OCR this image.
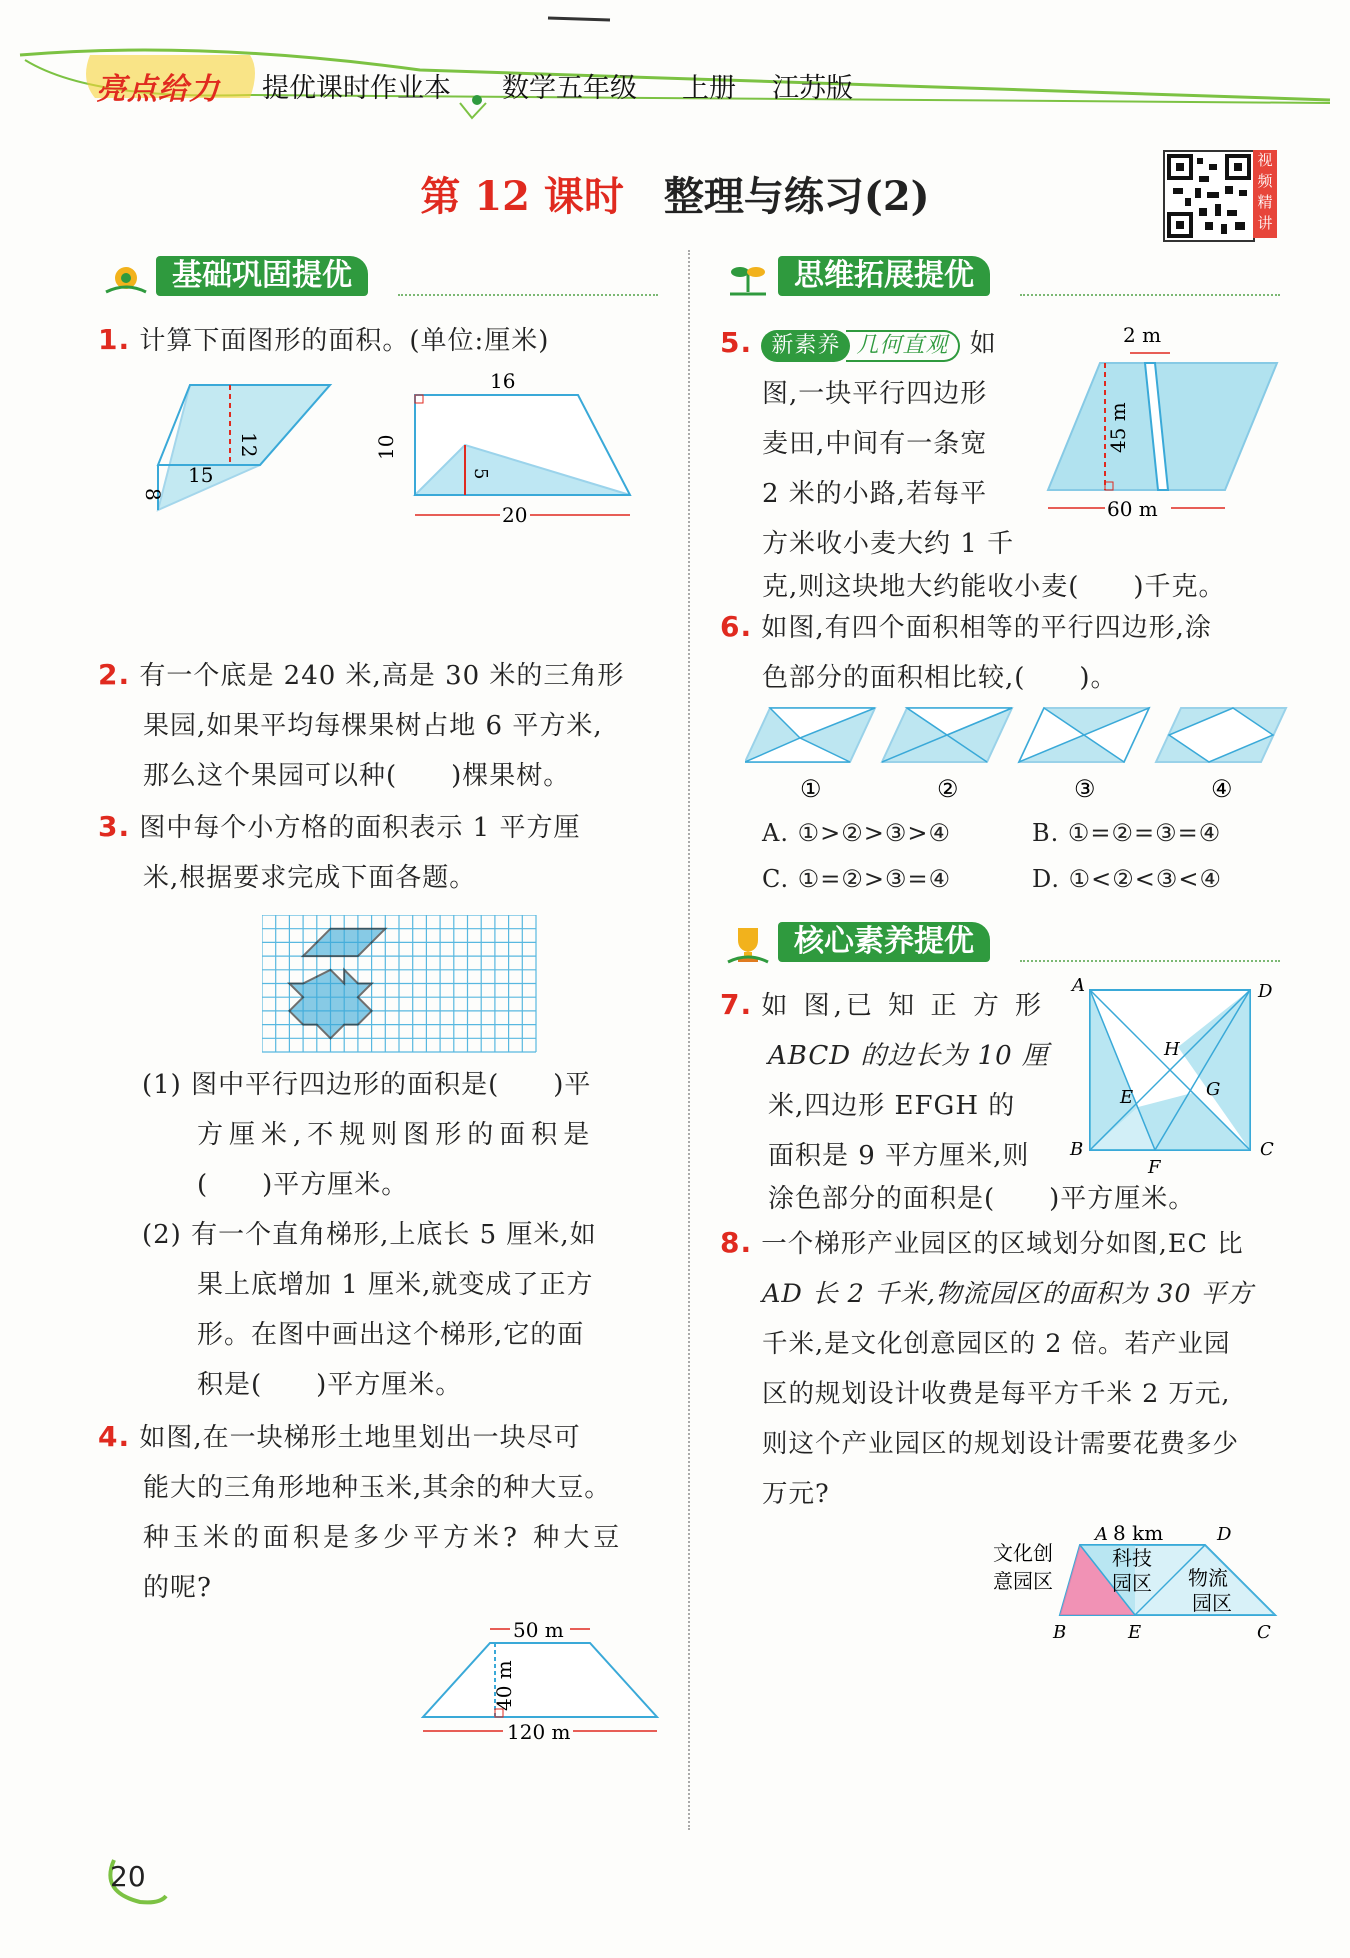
亮点给力 提优课时作业本 数学五年级 上册 江苏版
第 12 课时 整理与练习(2)
视频精讲
基础巩固提优	思维拓展提优
1. 计算下面图形的面积。(单位:厘米)
12
8
15
16
10
5
20
2. 有一个底是 240 米,高是 30 米的三角形
果园,如果平均每棵果树占地 6 平方米,
那么这个果园可以种(　　)棵果树。
3. 图中每个小方格的面积表示 1 平方厘
米,根据要求完成下面各题。
(1) 图中平行四边形的面积是(　　)平
方厘米,不规则图形的面积是
(　　)平方厘米。
(2) 有一个直角梯形,上底长 5 厘米,如
果上底增加 1 厘米,就变成了正方
形。在图中画出这个梯形,它的面
积是(　　)平方厘米。
4. 如图,在一块梯形土地里划出一块尽可
能大的三角形地种玉米,其余的种大豆。
种玉米的面积是多少平方米? 种大豆
的呢?
50 m
40 m
120 m
5. 新素养 几何直观 如
图,一块平行四边形
麦田,中间有一条宽
2 米的小路,若每平
方米收小麦大约 1 千
克,则这块地大约能收小麦(　　)千克。
2 m
45 m
60 m
6. 如图,有四个面积相等的平行四边形,涂
色部分的面积相比较,(　　)。
①	②	③	④
A. ①>②>③>④	B. ①=②=③=④
C. ①=②>③=④	D. ①<②<③<④
核心素养提优
7. 如 图,已 知 正 方 形
ABCD 的边长为 10 厘
米,四边形 EFGH 的
面积是 9 平方厘米,则
涂色部分的面积是(　　)平方厘米。
A	D
B	C
F
E	G
H
8. 一个梯形产业园区的区域划分如图,EC 比
AD 长 2 千米,物流园区的面积为 30 平方
千米,是文化创意园区的 2 倍。若产业园
区的规划设计收费是每平方千米 2 万元,
则这个产业园区的规划设计需要花费多少
万元?
8 km
科技
园区 物流
园区
文化创
意园区
A	D
B	E	C
20
